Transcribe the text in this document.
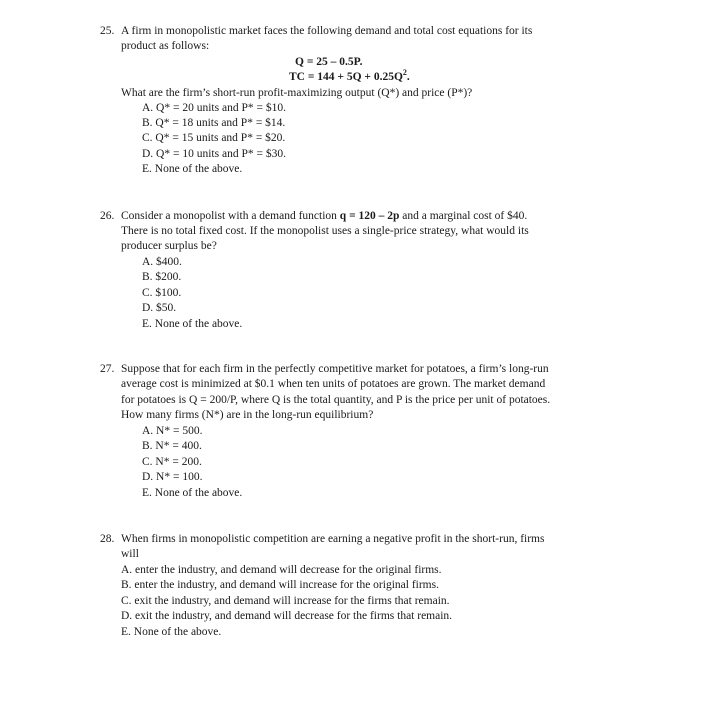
25. A firm in monopolistic market faces the following demand and total cost equations for its
product as follows:
Q = 25 – 0.5P.
TC = $144 + 5Q + 0.25Q^2$.
What are the firm’s short-run profit-maximizing output (Q*) and price (P*)?
A. Q* = 20 units and P* = $10.
B. Q* = 18 units and P* = $14.
C. Q* = 15 units and P* = $20.
D. Q* = 10 units and P* = $30.
E. None of the above.
26. Consider a monopolist with a demand function q = 120 – 2p and a marginal cost of $40.
There is no total fixed cost. If the monopolist uses a single-price strategy, what would its
producer surplus be?
A. $400.
B. $200.
C. $100.
D. $50.
E. None of the above.
27. Suppose that for each firm in the perfectly competitive market for potatoes, a firm’s long-run
average cost is minimized at $0.1 when ten units of potatoes are grown. The market demand
for potatoes is Q = 200/P, where Q is the total quantity, and P is the price per unit of potatoes.
How many firms (N*) are in the long-run equilibrium?
A. N* = 500.
B. N* = 400.
C. N* = 200.
D. N* = 100.
E. None of the above.
28. When firms in monopolistic competition are earning a negative profit in the short-run, firms
will
A. enter the industry, and demand will decrease for the original firms.
B. enter the industry, and demand will increase for the original firms.
C. exit the industry, and demand will increase for the firms that remain.
D. exit the industry, and demand will decrease for the firms that remain.
E. None of the above.
